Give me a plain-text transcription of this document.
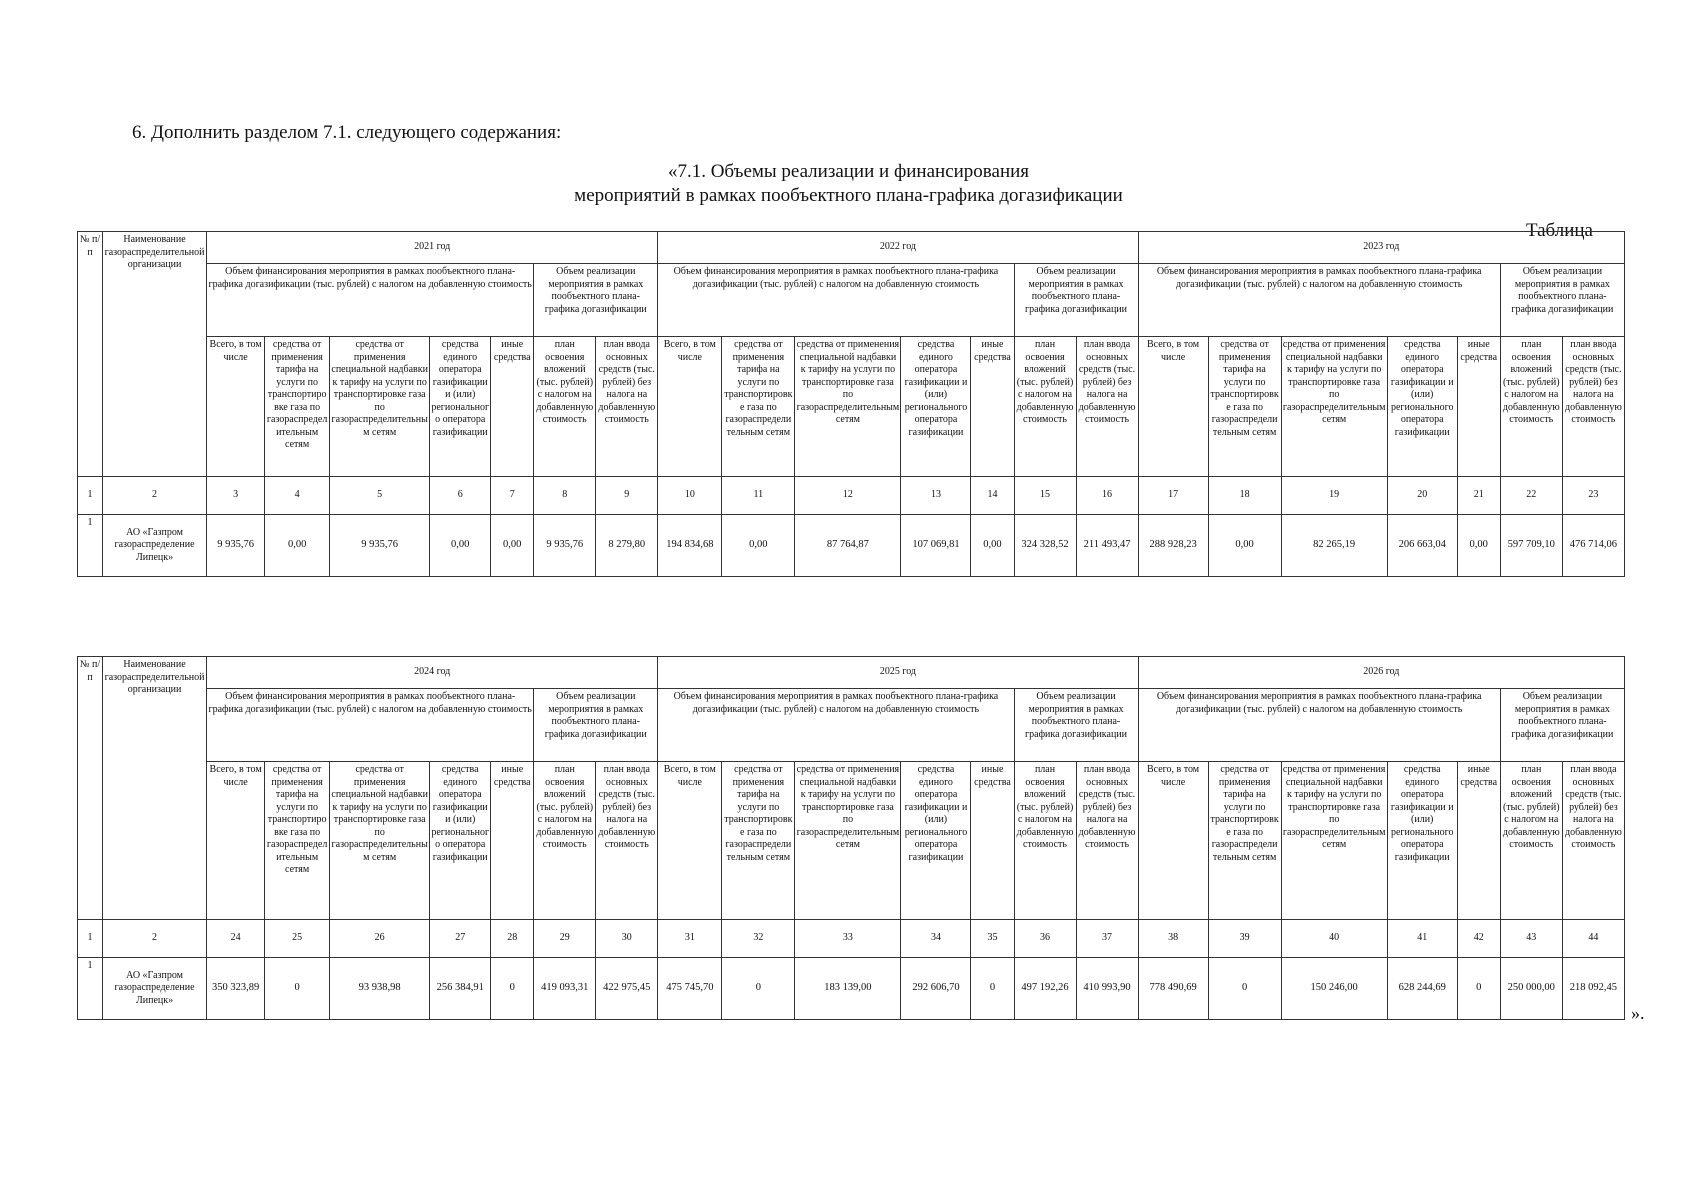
6. Дополнить разделом 7.1. следующего содержания:
«7.1. Объемы реализации и финансирования
мероприятий в рамках пообъектного плана-графика догазификации
Таблица
№ п/п	Наименование газораспределительной организации	2021 год							2022 год							2023 год						
		Объем финансирования мероприятия в рамках пообъектного плана-графика догазификации (тыс. рублей) с налогом на добавленную стоимость					Объем реализации мероприятия в рамках пообъектного плана-графика догазификации		Объем финансирования мероприятия в рамках пообъектного плана-графика догазификации (тыс. рублей) с налогом на добавленную стоимость					Объем реализации мероприятия в рамках пообъектного плана-графика догазификации		Объем финансирования мероприятия в рамках пообъектного плана-графика догазификации (тыс. рублей) с налогом на добавленную стоимость					Объем реализации мероприятия в рамках пообъектного плана-графика догазификации	
		Всего, в том числе	средства от применения тарифа на услуги по транспортировке газа по газораспределительным сетям	средства от применения специальной надбавки к тарифу на услуги по транспортировке газа по газораспределительным сетям	средства единого оператора газификации и (или) регионального оператора газификации	иные средства	план освоения вложений (тыс. рублей) с налогом на добавленную стоимость	план ввода основных средств (тыс. рублей) без налога на добавленную стоимость	Всего, в том числе	средства от применения тарифа на услуги по транспортировке газа по газораспределительным сетям	средства от применения специальной надбавки к тарифу на услуги по транспортировке газа по газораспределительным сетям	средства единого оператора газификации и (или) регионального оператора газификации	иные средства	план освоения вложений (тыс. рублей) с налогом на добавленную стоимость	план ввода основных средств (тыс. рублей) без налога на добавленную стоимость	Всего, в том числе	средства от применения тарифа на услуги по транспортировке газа по газораспределительным сетям	средства от применения специальной надбавки к тарифу на услуги по транспортировке газа по газораспределительным сетям	средства единого оператора газификации и (или) регионального оператора газификации	иные средства	план освоения вложений (тыс. рублей) с налогом на добавленную стоимость	план ввода основных средств (тыс. рублей) без налога на добавленную стоимость
1	2	3	4	5	6	7	8	9	10	11	12	13	14	15	16	17	18	19	20	21	22	23
1	АО «Газпром газораспределение Липецк»	9 935,76	0,00	9 935,76	0,00	0,00	9 935,76	8 279,80	194 834,68	0,00	87 764,87	107 069,81	0,00	324 328,52	211 493,47	288 928,23	0,00	82 265,19	206 663,04	0,00	597 709,10	476 714,06
№ п/п	Наименование газораспределительной организации	2024 год							2025 год							2026 год						
		Объем финансирования мероприятия в рамках пообъектного плана-графика догазификации (тыс. рублей) с налогом на добавленную стоимость					Объем реализации мероприятия в рамках пообъектного плана-графика догазификации		Объем финансирования мероприятия в рамках пообъектного плана-графика догазификации (тыс. рублей) с налогом на добавленную стоимость					Объем реализации мероприятия в рамках пообъектного плана-графика догазификации		Объем финансирования мероприятия в рамках пообъектного плана-графика догазификации (тыс. рублей) с налогом на добавленную стоимость					Объем реализации мероприятия в рамках пообъектного плана-графика догазификации	
		Всего, в том числе	средства от применения тарифа на услуги по транспортировке газа по газораспределительным сетям	средства от применения специальной надбавки к тарифу на услуги по транспортировке газа по газораспределительным сетям	средства единого оператора газификации и (или) регионального оператора газификации	иные средства	план освоения вложений (тыс. рублей) с налогом на добавленную стоимость	план ввода основных средств (тыс. рублей) без налога на добавленную стоимость	Всего, в том числе	средства от применения тарифа на услуги по транспортировке газа по газораспределительным сетям	средства от применения специальной надбавки к тарифу на услуги по транспортировке газа по газораспределительным сетям	средства единого оператора газификации и (или) регионального оператора газификации	иные средства	план освоения вложений (тыс. рублей) с налогом на добавленную стоимость	план ввода основных средств (тыс. рублей) без налога на добавленную стоимость	Всего, в том числе	средства от применения тарифа на услуги по транспортировке газа по газораспределительным сетям	средства от применения специальной надбавки к тарифу на услуги по транспортировке газа по газораспределительным сетям	средства единого оператора газификации и (или) регионального оператора газификации	иные средства	план освоения вложений (тыс. рублей) с налогом на добавленную стоимость	план ввода основных средств (тыс. рублей) без налога на добавленную стоимость
1	2	24	25	26	27	28	29	30	31	32	33	34	35	36	37	38	39	40	41	42	43	44
1	АО «Газпром газораспределение Липецк»	350 323,89	0	93 938,98	256 384,91	0	419 093,31	422 975,45	475 745,70	0	183 139,00	292 606,70	0	497 192,26	410 993,90	778 490,69	0	150 246,00	628 244,69	0	250 000,00	218 092,45
».
